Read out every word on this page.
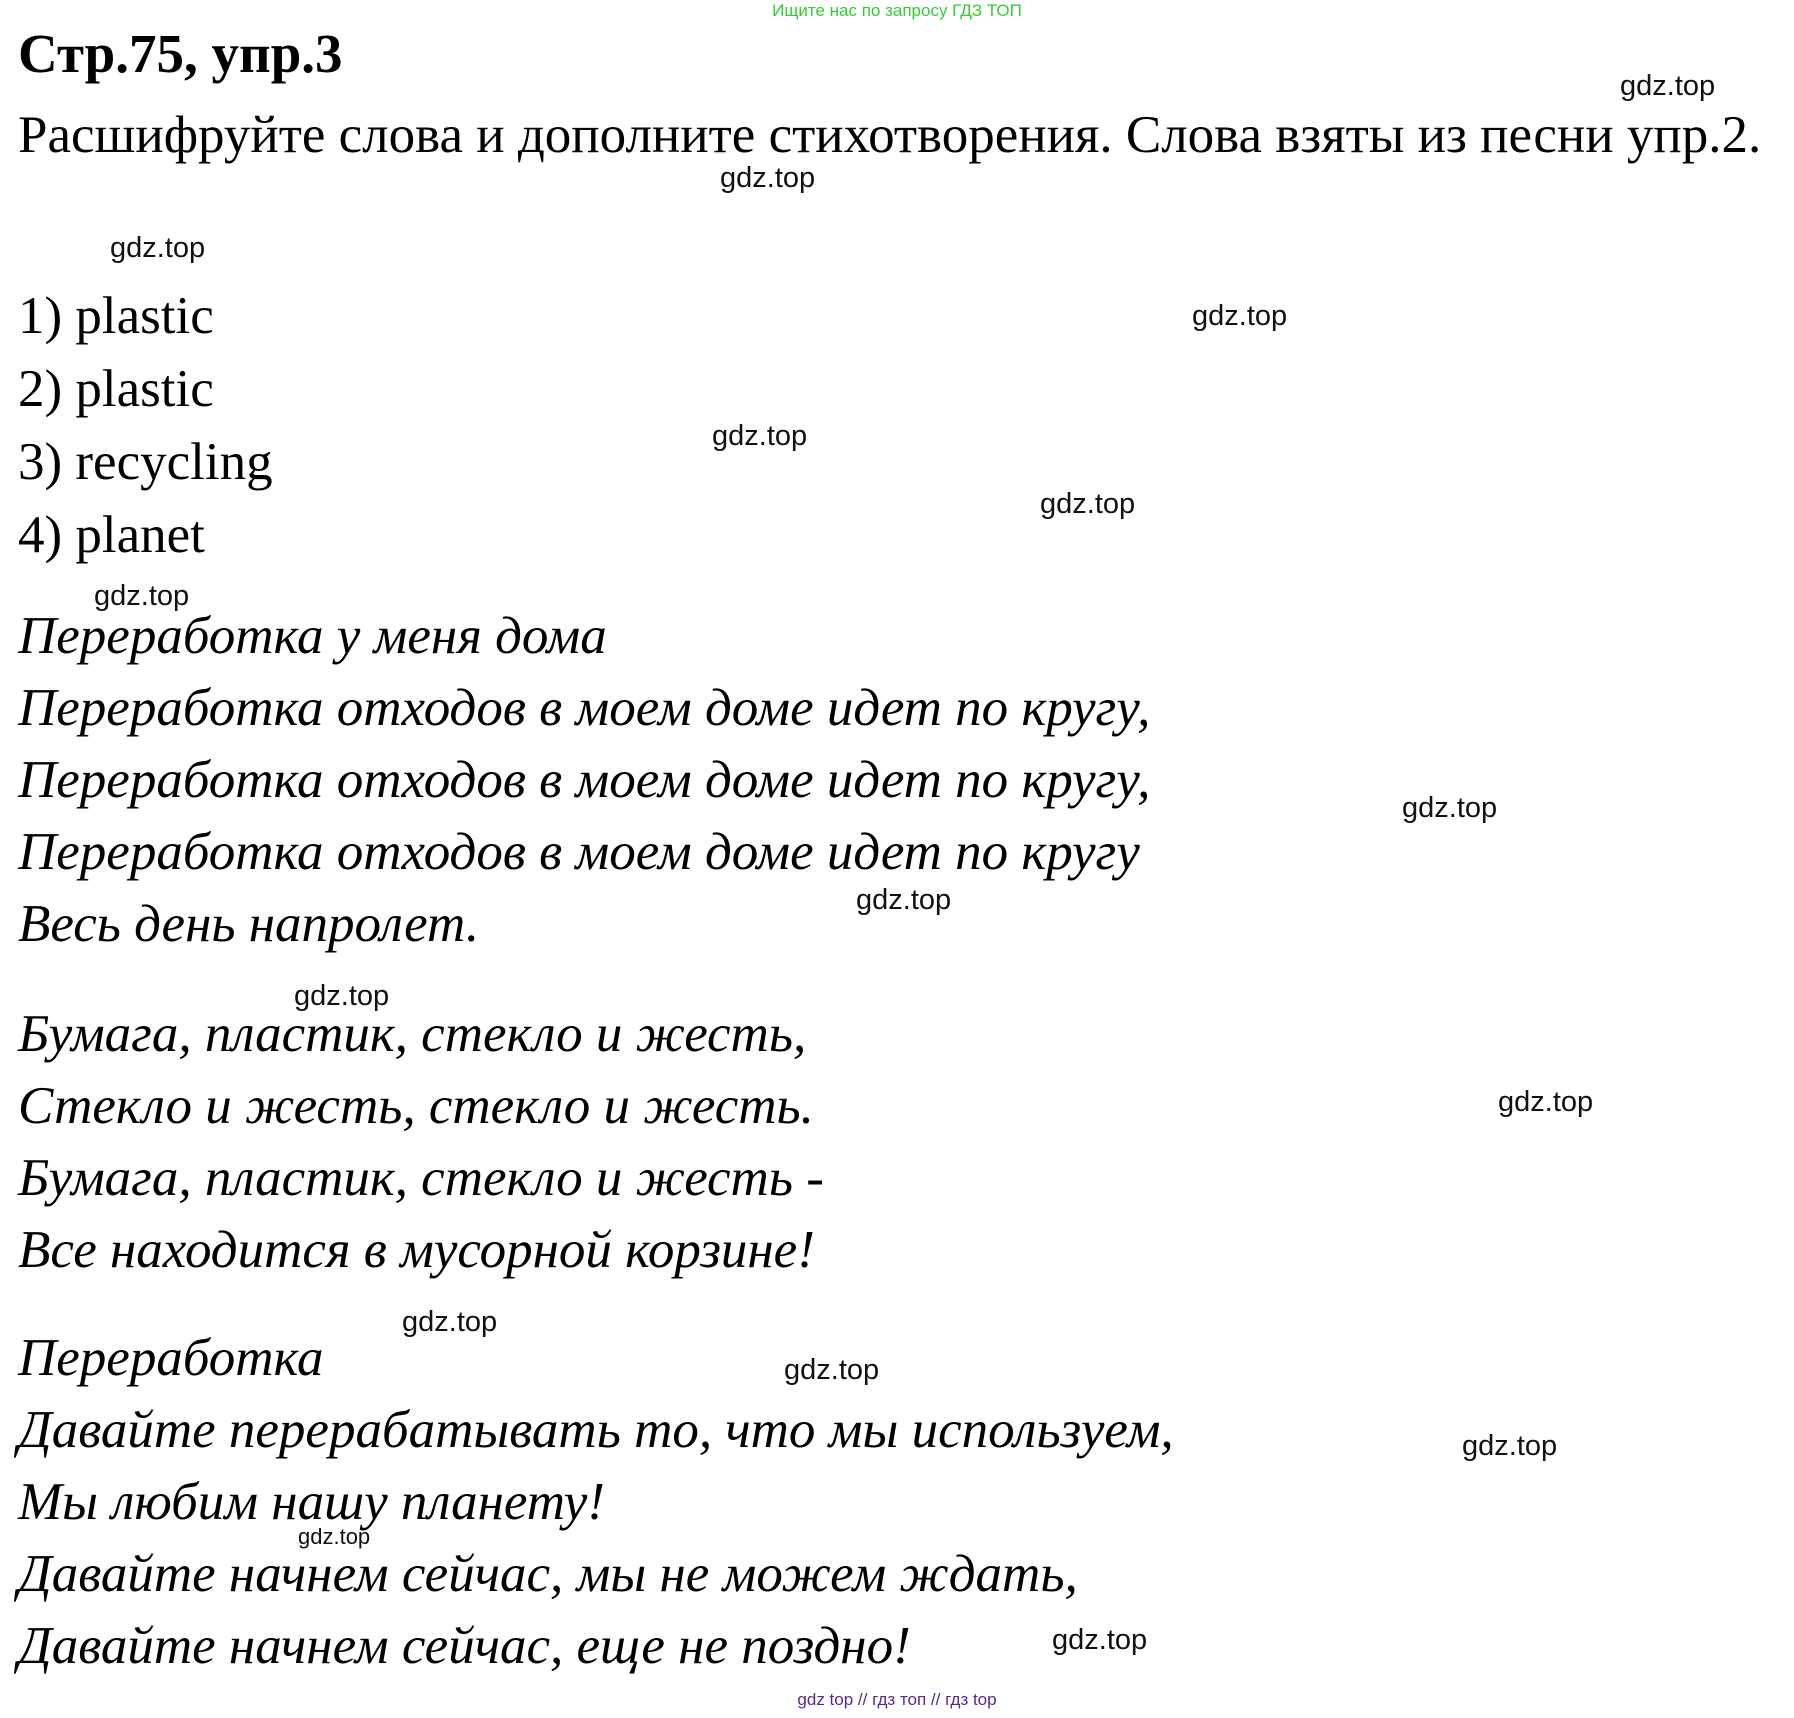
Ищите нас по запросу ГДЗ ТОП
Стр.75, упр.3
Расшифруйте слова и дополните стихотворения. Слова взяты из песни упр.2.
1) plastic
2) plastic
3) recycling
4) planet
Переработка у меня дома
Переработка отходов в моем доме идет по кругу,
Переработка отходов в моем доме идет по кругу,
Переработка отходов в моем доме идет по кругу
Весь день напролет.
Бумага, пластик, стекло и жесть,
Стекло и жесть, стекло и жесть.
Бумага, пластик, стекло и жесть -
Все находится в мусорной корзине!
Переработка
Давайте перерабатывать то, что мы используем,
Мы любим нашу планету!
Давайте начнем сейчас, мы не можем ждать,
Давайте начнем сейчас, еще не поздно!
gdz.top
gdz.top
gdz.top
gdz.top
gdz.top
gdz.top
gdz.top
gdz.top
gdz.top
gdz.top
gdz.top
gdz.top
gdz.top
gdz.top
gdz.top
gdz.top
gdz top // гдз топ // гдз top
